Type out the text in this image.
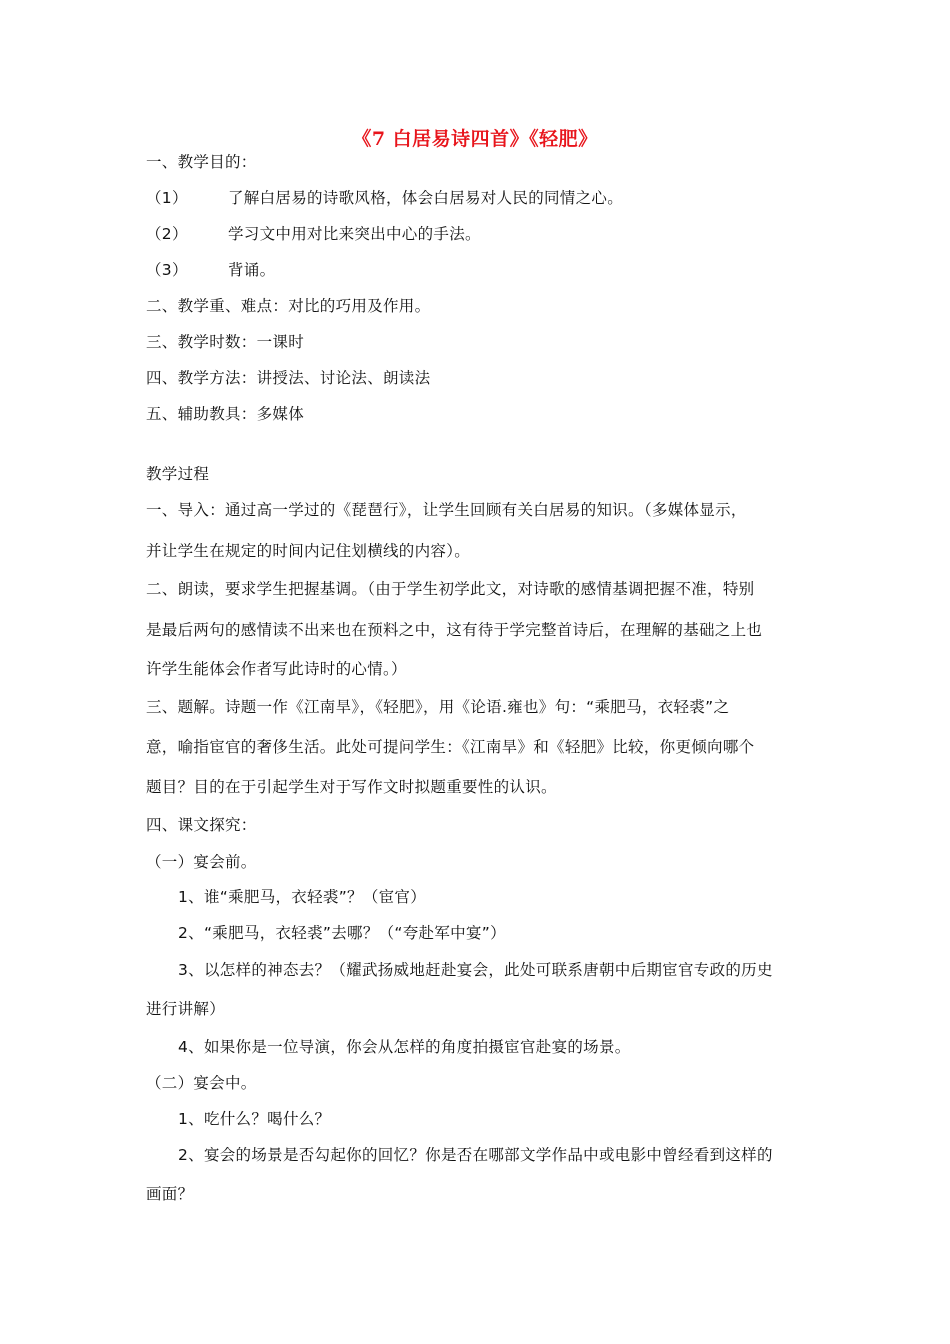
《7 白居易诗四首》《轻肥》
一、教学目的：
（1）	了解白居易的诗歌风格，体会白居易对人民的同情之心。
（2）	学习文中用对比来突出中心的手法。
（3）	背诵。
二、教学重、难点：对比的巧用及作用。
三、教学时数：一课时
四、教学方法：讲授法、讨论法、朗读法
五、辅助教具：多媒体
教学过程
一、导入：通过高一学过的《琵琶行》，让学生回顾有关白居易的知识。（多媒体显示，
并让学生在规定的时间内记住划横线的内容）。
二、朗读，要求学生把握基调。（由于学生初学此文，对诗歌的感情基调把握不准，特别
是最后两句的感情读不出来也在预料之中，这有待于学完整首诗后，在理解的基础之上也
许学生能体会作者写此诗时的心情。）
三、题解。诗题一作《江南旱》，《轻肥》，用《论语.雍也》句：“乘肥马，衣轻裘”之
意，喻指宦官的奢侈生活。此处可提问学生：《江南旱》和《轻肥》比较，你更倾向哪个
题目？目的在于引起学生对于写作文时拟题重要性的认识。
四、课文探究：
（一）宴会前。
1、谁“乘肥马，衣轻裘”？（宦官）
2、“乘肥马，衣轻裘”去哪？（“夸赴军中宴”）
3、以怎样的神态去？（耀武扬威地赶赴宴会，此处可联系唐朝中后期宦官专政的历史
进行讲解）
4、如果你是一位导演，你会从怎样的角度拍摄宦官赴宴的场景。
（二）宴会中。
1、吃什么？喝什么？
2、宴会的场景是否勾起你的回忆？你是否在哪部文学作品中或电影中曾经看到这样的
画面？
